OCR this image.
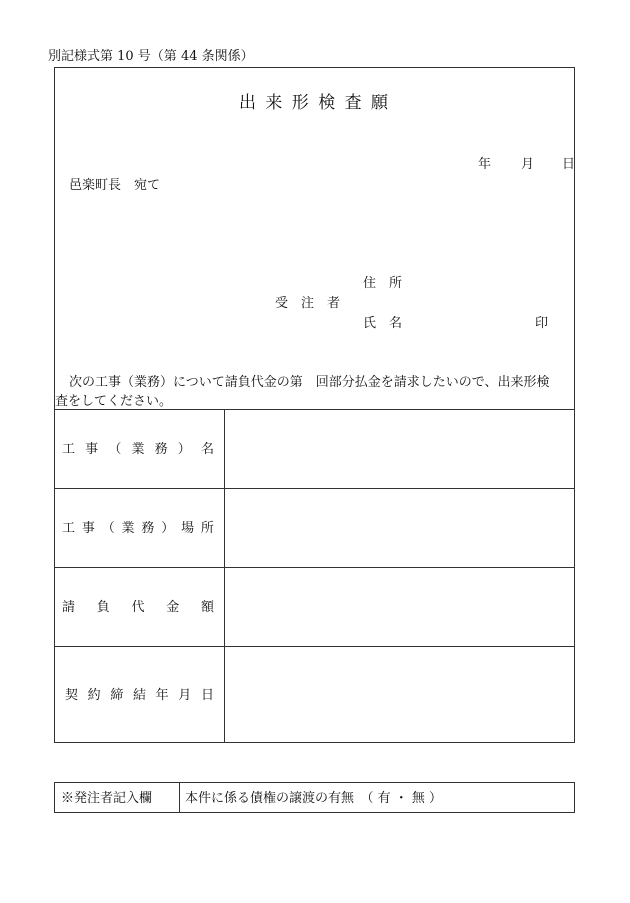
別記様式第 10 号（第 44 条関係）
出 来 形 検 査 願
年 月 日
邑楽町長　宛て
住　所
受　注　者
氏　名	印
次の工事（業務）について請負代金の第　回部分払金を請求したいので、出来形検
査をしてください。
工 事 （ 業 務 ） 名
工 事 （ 業 務 ） 場 所
請 負 代 金 額
契 約 締 結 年 月 日
※発注者記入欄	本件に係る債権の譲渡の有無　（ 有 ・ 無 ）
